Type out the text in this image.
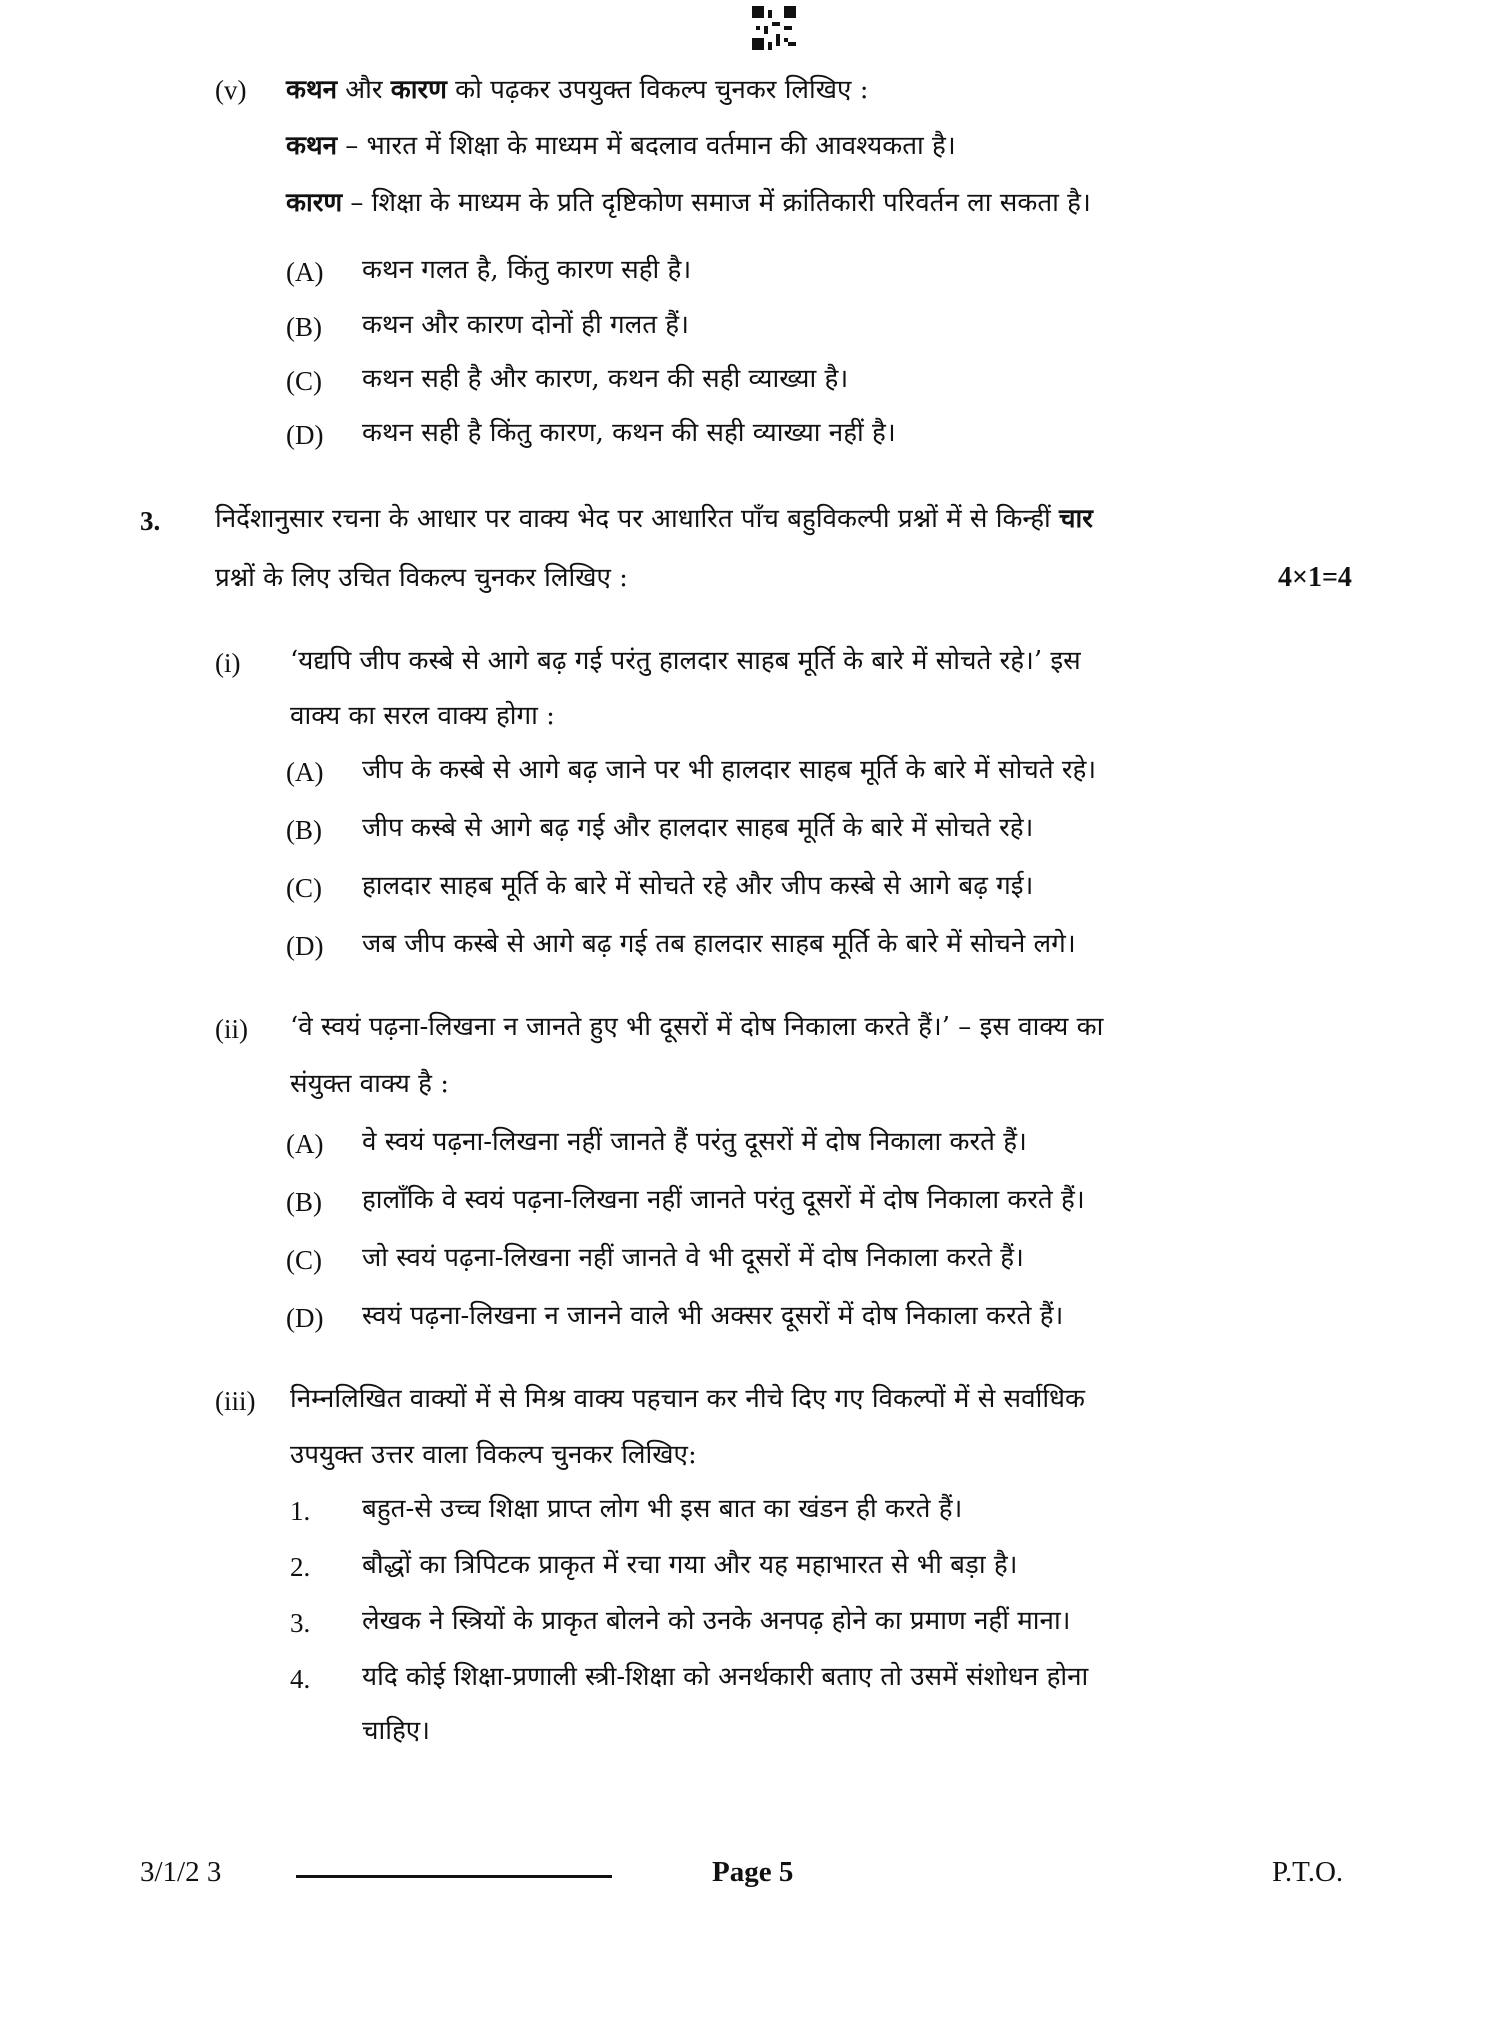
(v) कथन और कारण को पढ़कर उपयुक्त विकल्प चुनकर लिखिए :
कथन – भारत में शिक्षा के माध्यम में बदलाव वर्तमान की आवश्यकता है।
कारण – शिक्षा के माध्यम के प्रति दृष्टिकोण समाज में क्रांतिकारी परिवर्तन ला सकता है।
(A) कथन गलत है, किंतु कारण सही है।
(B) कथन और कारण दोनों ही गलत हैं।
(C) कथन सही है और कारण, कथन की सही व्याख्या है।
(D) कथन सही है किंतु कारण, कथन की सही व्याख्या नहीं है।
3. निर्देशानुसार रचना के आधार पर वाक्य भेद पर आधारित पाँच बहुविकल्पी प्रश्नों में से किन्हीं चार
प्रश्नों के लिए उचित विकल्प चुनकर लिखिए :	4×1=4
(i) ‘यद्यपि जीप कस्बे से आगे बढ़ गई परंतु हालदार साहब मूर्ति के बारे में सोचते रहे।’ इस
वाक्य का सरल वाक्य होगा :
(A) जीप के कस्बे से आगे बढ़ जाने पर भी हालदार साहब मूर्ति के बारे में सोचते रहे।
(B) जीप कस्बे से आगे बढ़ गई और हालदार साहब मूर्ति के बारे में सोचते रहे।
(C) हालदार साहब मूर्ति के बारे में सोचते रहे और जीप कस्बे से आगे बढ़ गई।
(D) जब जीप कस्बे से आगे बढ़ गई तब हालदार साहब मूर्ति के बारे में सोचने लगे।
(ii) ‘वे स्वयं पढ़ना-लिखना न जानते हुए भी दूसरों में दोष निकाला करते हैं।’ – इस वाक्य का
संयुक्त वाक्य है :
(A) वे स्वयं पढ़ना-लिखना नहीं जानते हैं परंतु दूसरों में दोष निकाला करते हैं।
(B) हालाँकि वे स्वयं पढ़ना-लिखना नहीं जानते परंतु दूसरों में दोष निकाला करते हैं।
(C) जो स्वयं पढ़ना-लिखना नहीं जानते वे भी दूसरों में दोष निकाला करते हैं।
(D) स्वयं पढ़ना-लिखना न जानने वाले भी अक्सर दूसरों में दोष निकाला करते हैं।
(iii) निम्नलिखित वाक्यों में से मिश्र वाक्य पहचान कर नीचे दिए गए विकल्पों में से सर्वाधिक
उपयुक्त उत्तर वाला विकल्प चुनकर लिखिए:
1. बहुत-से उच्च शिक्षा प्राप्त लोग भी इस बात का खंडन ही करते हैं।
2. बौद्धों का त्रिपिटक प्राकृत में रचा गया और यह महाभारत से भी बड़ा है।
3. लेखक ने स्त्रियों के प्राकृत बोलने को उनके अनपढ़ होने का प्रमाण नहीं माना।
4. यदि कोई शिक्षा-प्रणाली स्त्री-शिक्षा को अनर्थकारी बताए तो उसमें संशोधन होना
चाहिए।
3/1/2 3	Page 5	P.T.O.
